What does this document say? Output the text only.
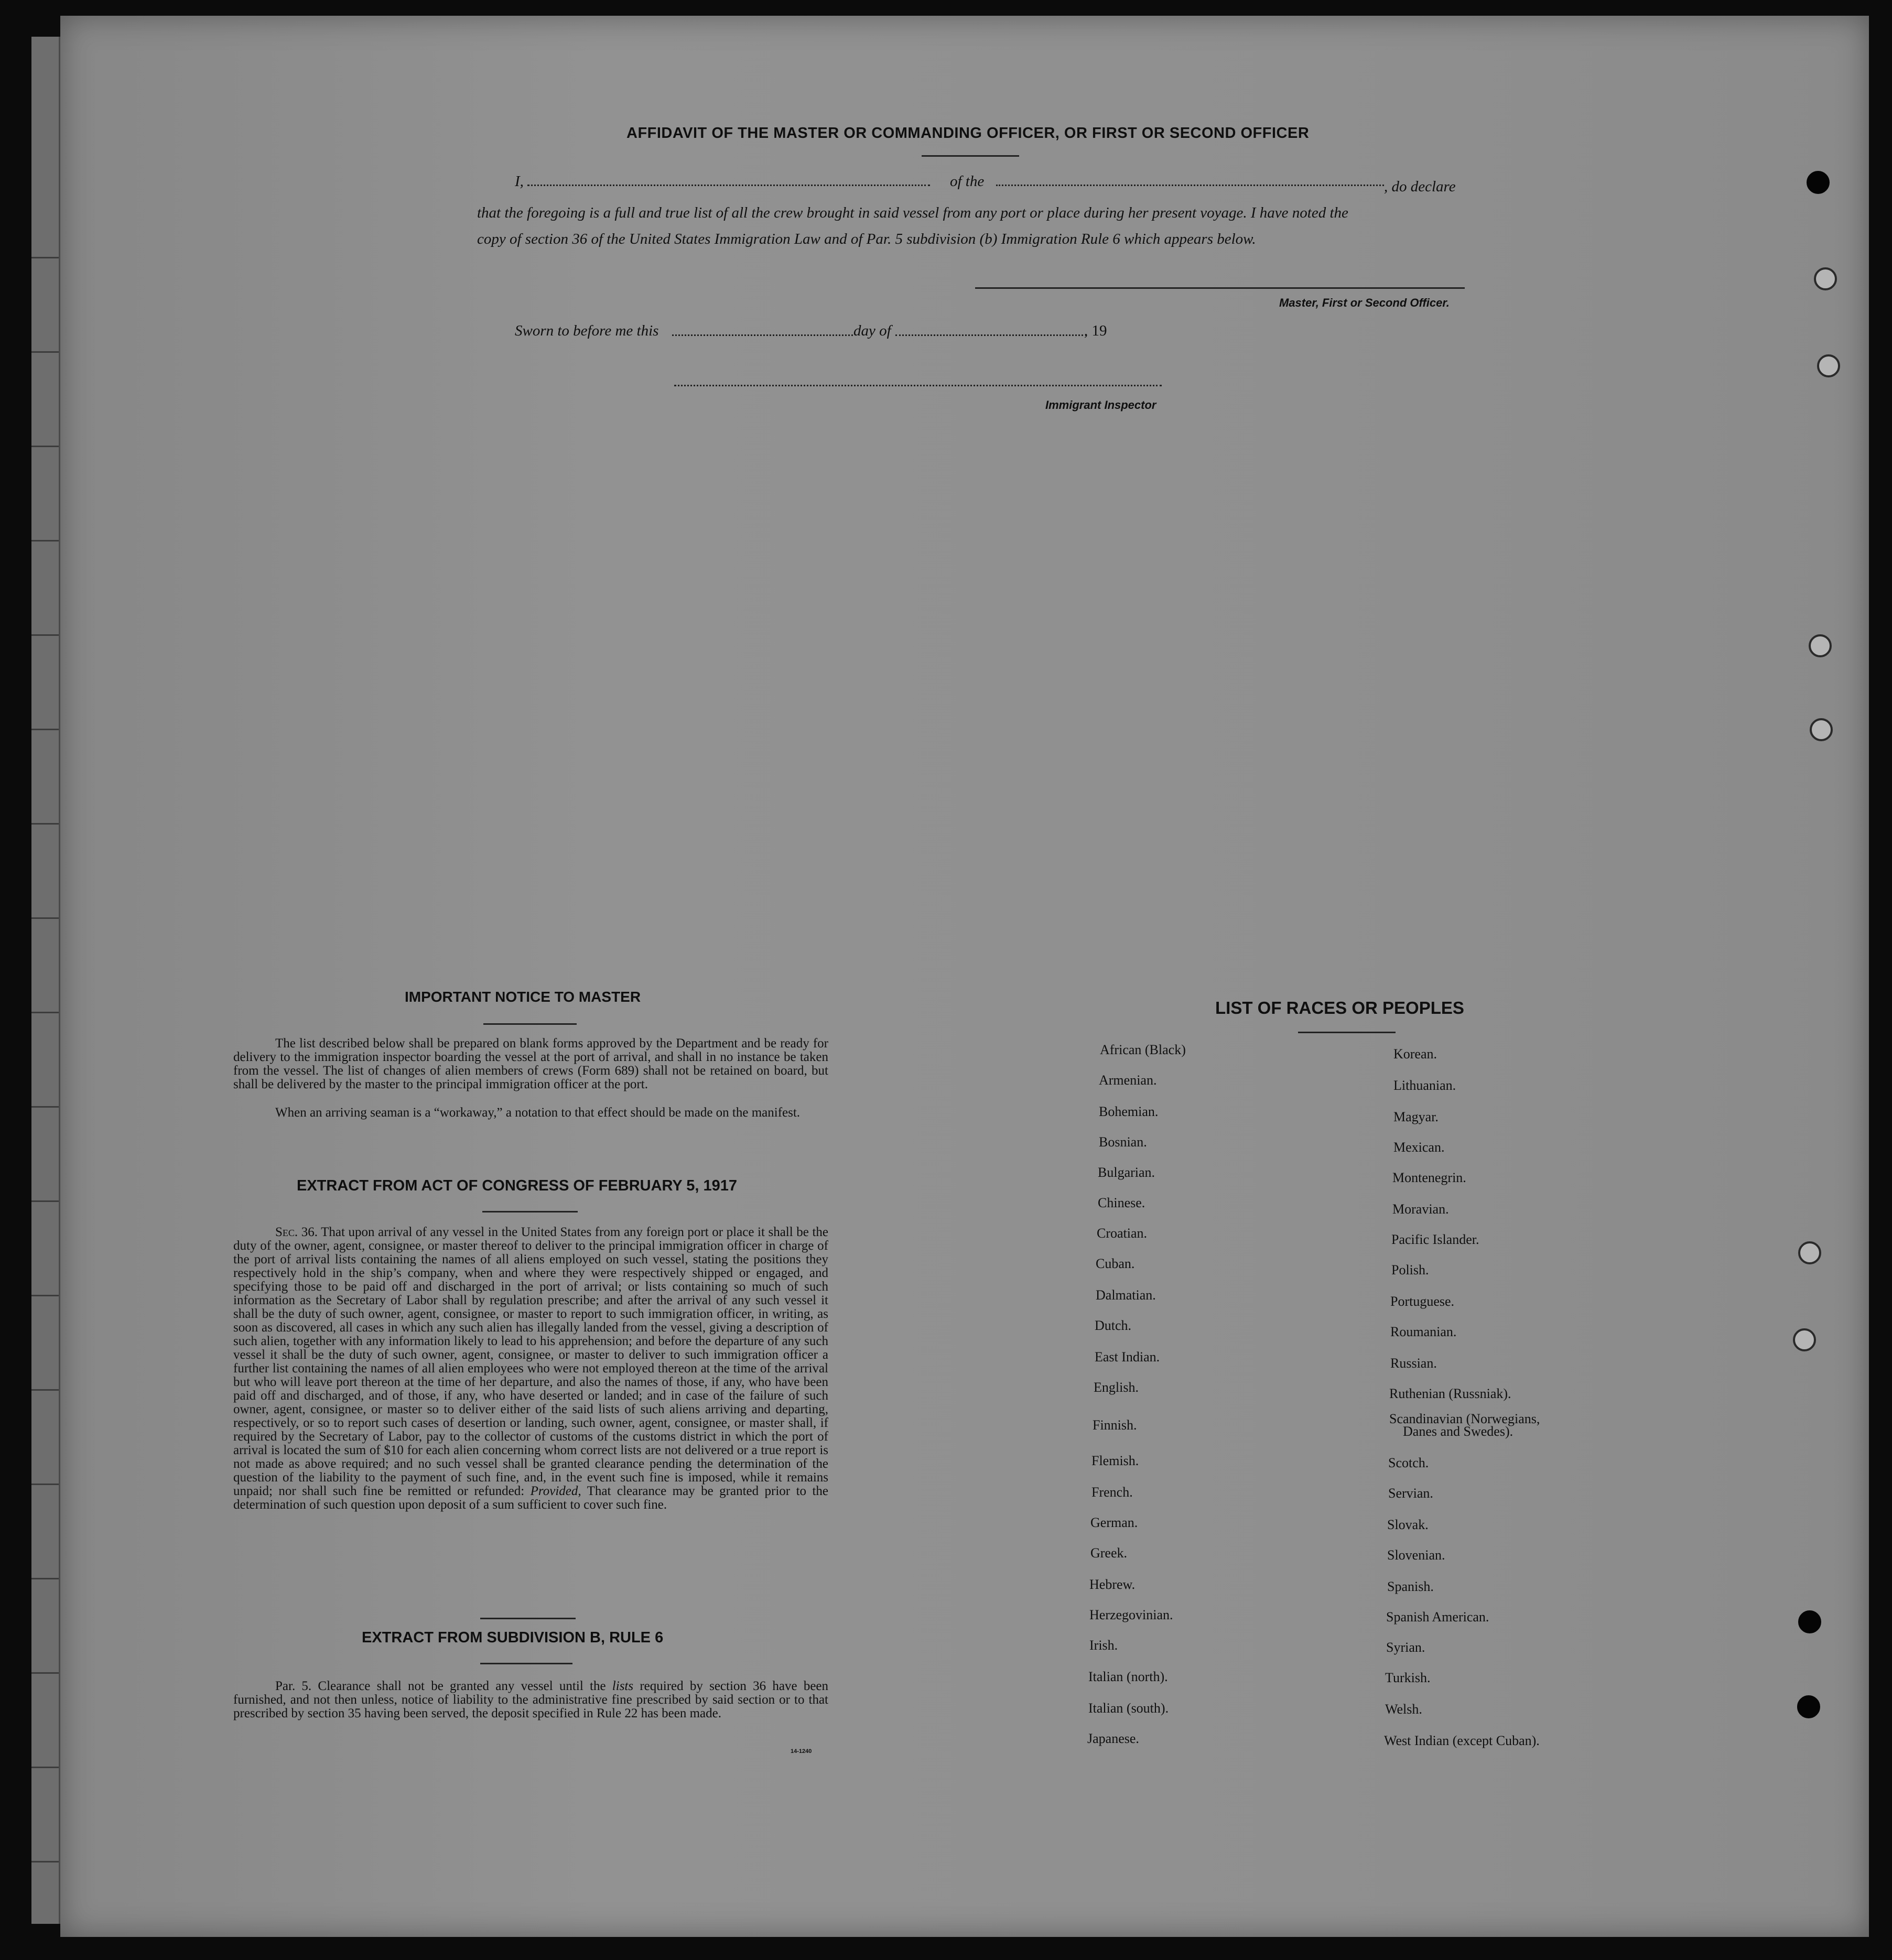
AFFIDAVIT OF THE MASTER OR COMMANDING OFFICER, OR FIRST OR SECOND OFFICER
I,	of the	, do declare
that the foregoing is a full and true list of all the crew brought in said vessel from any port or place during her present voyage. I have noted the
copy of section 36 of the United States Immigration Law and of Par. 5 subdivision (b) Immigration Rule 6 which appears below.
Master, First or Second Officer.
Sworn to before me this	day of	, 19
Immigrant Inspector
IMPORTANT NOTICE TO MASTER
The list described below shall be prepared on blank forms approved by the Department and be ready for delivery to the immigration inspector boarding the vessel at the port of arrival, and shall in no instance be taken from the vessel. The list of changes of alien members of crews (Form 689) shall not be retained on board, but shall be delivered by the master to the principal immigration officer at the port.
When an arriving seaman is a “workaway,” a notation to that effect should be made on the manifest.
EXTRACT FROM ACT OF CONGRESS OF FEBRUARY 5, 1917
Sec. 36. That upon arrival of any vessel in the United States from any foreign port or place it shall be the duty of the owner, agent, consignee, or master thereof to deliver to the principal immigration officer in charge of the port of arrival lists containing the names of all aliens employed on such vessel, stating the positions they respectively hold in the ship’s company, when and where they were respectively shipped or engaged, and specifying those to be paid off and discharged in the port of arrival; or lists containing so much of such information as the Secretary of Labor shall by regulation prescribe; and after the arrival of any such vessel it shall be the duty of such owner, agent, consignee, or master to report to such immigration officer, in writing, as soon as discovered, all cases in which any such alien has illegally landed from the vessel, giving a description of such alien, together with any information likely to lead to his apprehension; and before the departure of any such vessel it shall be the duty of such owner, agent, consignee, or master to deliver to such immigration officer a further list containing the names of all alien employees who were not employed thereon at the time of the arrival but who will leave port thereon at the time of her departure, and also the names of those, if any, who have been paid off and discharged, and of those, if any, who have deserted or landed; and in case of the failure of such owner, agent, consignee, or master so to deliver either of the said lists of such aliens arriving and departing, respectively, or so to report such cases of desertion or landing, such owner, agent, consignee, or master shall, if required by the Secretary of Labor, pay to the collector of customs of the customs district in which the port of arrival is located the sum of $10 for each alien concerning whom correct lists are not delivered or a true report is not made as above required; and no such vessel shall be granted clearance pending the determination of the question of the liability to the payment of such fine, and, in the event such fine is imposed, while it remains unpaid; nor shall such fine be remitted or refunded: Provided, That clearance may be granted prior to the determination of such question upon deposit of a sum sufficient to cover such fine.
EXTRACT FROM SUBDIVISION B, RULE 6
Par. 5. Clearance shall not be granted any vessel until the lists required by section 36 have been furnished, and not then unless, notice of liability to the administrative fine prescribed by said section or to that prescribed by section 35 having been served, the deposit specified in Rule 22 has been made.
14-1240
LIST OF RACES OR PEOPLES
African (Black)
Armenian.
Bohemian.
Bosnian.
Bulgarian.
Chinese.
Croatian.
Cuban.
Dalmatian.
Dutch.
East Indian.
English.
Finnish.
Flemish.
French.
German.
Greek.
Hebrew.
Herzegovinian.
Irish.
Italian (north).
Italian (south).
Japanese.
Korean.
Lithuanian.
Magyar.
Mexican.
Montenegrin.
Moravian.
Pacific Islander.
Polish.
Portuguese.
Roumanian.
Russian.
Ruthenian (Russniak).
Scandinavian (Norwegians,
Scotch.
Servian.
Slovak.
Slovenian.
Spanish.
Spanish American.
Syrian.
Turkish.
Welsh.
West Indian (except Cuban).
Danes and Swedes).
